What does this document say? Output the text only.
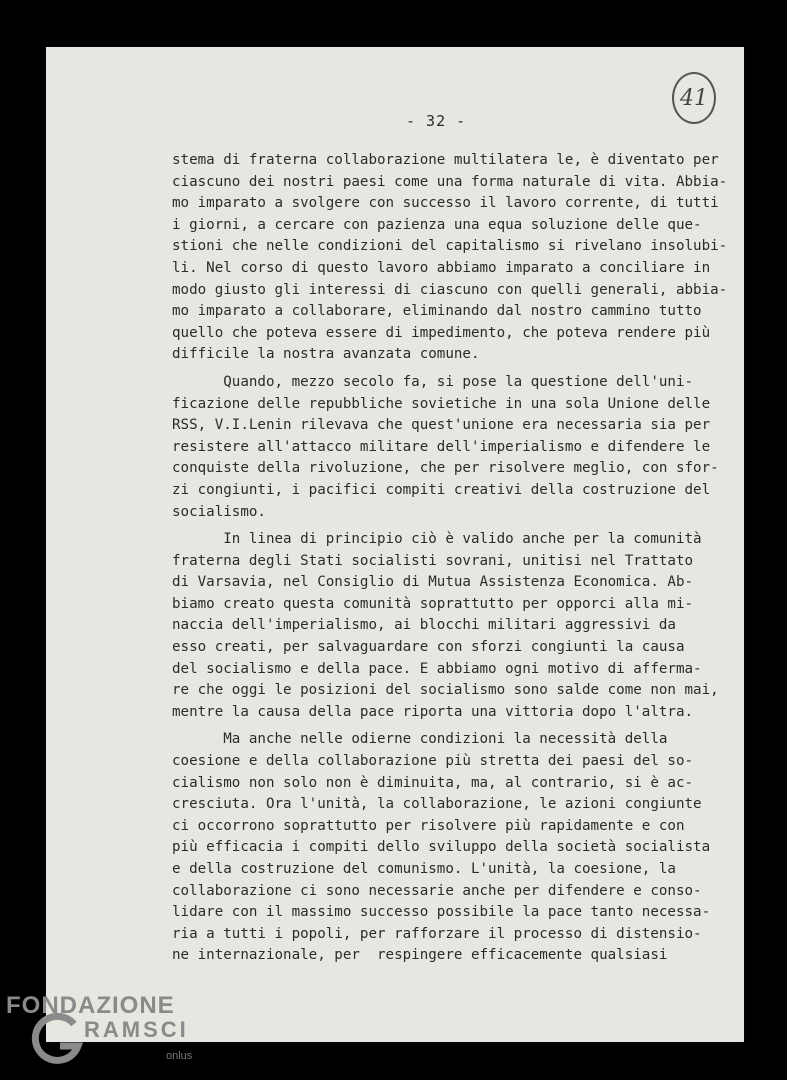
- 32 -
41
stema di fraterna collaborazione multilatera le, è diventato per
ciascuno dei nostri paesi come una forma naturale di vita. Abbia-
mo imparato a svolgere con successo il lavoro corrente, di tutti
i giorni, a cercare con pazienza una equa soluzione delle que-
stioni che nelle condizioni del capitalismo si rivelano insolubi-
li. Nel corso di questo lavoro abbiamo imparato a conciliare in
modo giusto gli interessi di ciascuno con quelli generali, abbia-
mo imparato a collaborare, eliminando dal nostro cammino tutto
quello che poteva essere di impedimento, che poteva rendere più
difficile la nostra avanzata comune.
Quando, mezzo secolo fa, si pose la questione dell'uni-
ficazione delle repubbliche sovietiche in una sola Unione delle
RSS, V.I.Lenin rilevava che quest'unione era necessaria sia per
resistere all'attacco militare dell'imperialismo e difendere le
conquiste della rivoluzione, che per risolvere meglio, con sfor-
zi congiunti, i pacifici compiti creativi della costruzione del
socialismo.
In linea di principio ciò è valido anche per la comunità
fraterna degli Stati socialisti sovrani, unitisi nel Trattato
di Varsavia, nel Consiglio di Mutua Assistenza Economica. Ab-
biamo creato questa comunità soprattutto per opporci alla mi-
naccia dell'imperialismo, ai blocchi militari aggressivi da
esso creati, per salvaguardare con sforzi congiunti la causa
del socialismo e della pace. E abbiamo ogni motivo di afferma-
re che oggi le posizioni del socialismo sono salde come non mai,
mentre la causa della pace riporta una vittoria dopo l'altra.
Ma anche nelle odierne condizioni la necessità della
coesione e della collaborazione più stretta dei paesi del so-
cialismo non solo non è diminuita, ma, al contrario, si è ac-
cresciuta. Ora l'unità, la collaborazione, le azioni congiunte
ci occorrono soprattutto per risolvere più rapidamente e con
più efficacia i compiti dello sviluppo della società socialista
e della costruzione del comunismo. L'unità, la coesione, la
collaborazione ci sono necessarie anche per difendere e conso-
lidare con il massimo successo possibile la pace tanto necessa-
ria a tutti i popoli, per rafforzare il processo di distensio-
ne internazionale, per  respingere efficacemente qualsiasi
FONDAZIONE
RAMSCI
onlus
